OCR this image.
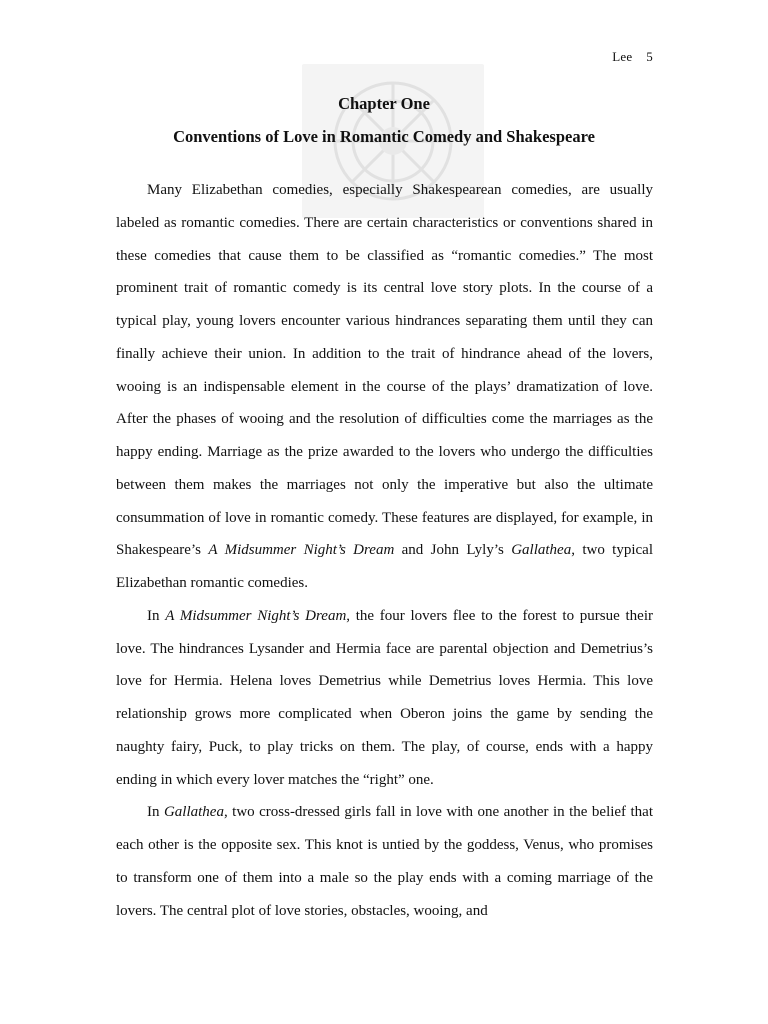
Lee 5
Chapter One
Conventions of Love in Romantic Comedy and Shakespeare

Many Elizabethan comedies, especially Shakespearean comedies, are usually labeled as romantic comedies. There are certain characteristics or conventions shared in these comedies that cause them to be classified as “romantic comedies.” The most prominent trait of romantic comedy is its central love story plots. In the course of a typical play, young lovers encounter various hindrances separating them until they can finally achieve their union. In addition to the trait of hindrance ahead of the lovers, wooing is an indispensable element in the course of the plays’ dramatization of love. After the phases of wooing and the resolution of difficulties come the marriages as the happy ending. Marriage as the prize awarded to the lovers who undergo the difficulties between them makes the marriages not only the imperative but also the ultimate consummation of love in romantic comedy. These features are displayed, for example, in Shakespeare’s A Midsummer Night’s Dream and John Lyly’s Gallathea, two typical Elizabethan romantic comedies.

In A Midsummer Night’s Dream, the four lovers flee to the forest to pursue their love. The hindrances Lysander and Hermia face are parental objection and Demetrius’s love for Hermia. Helena loves Demetrius while Demetrius loves Hermia. This love relationship grows more complicated when Oberon joins the game by sending the naughty fairy, Puck, to play tricks on them. The play, of course, ends with a happy ending in which every lover matches the “right” one.

In Gallathea, two cross-dressed girls fall in love with one another in the belief that each other is the opposite sex. This knot is untied by the goddess, Venus, who promises to transform one of them into a male so the play ends with a coming marriage of the lovers. The central plot of love stories, obstacles, wooing, and
